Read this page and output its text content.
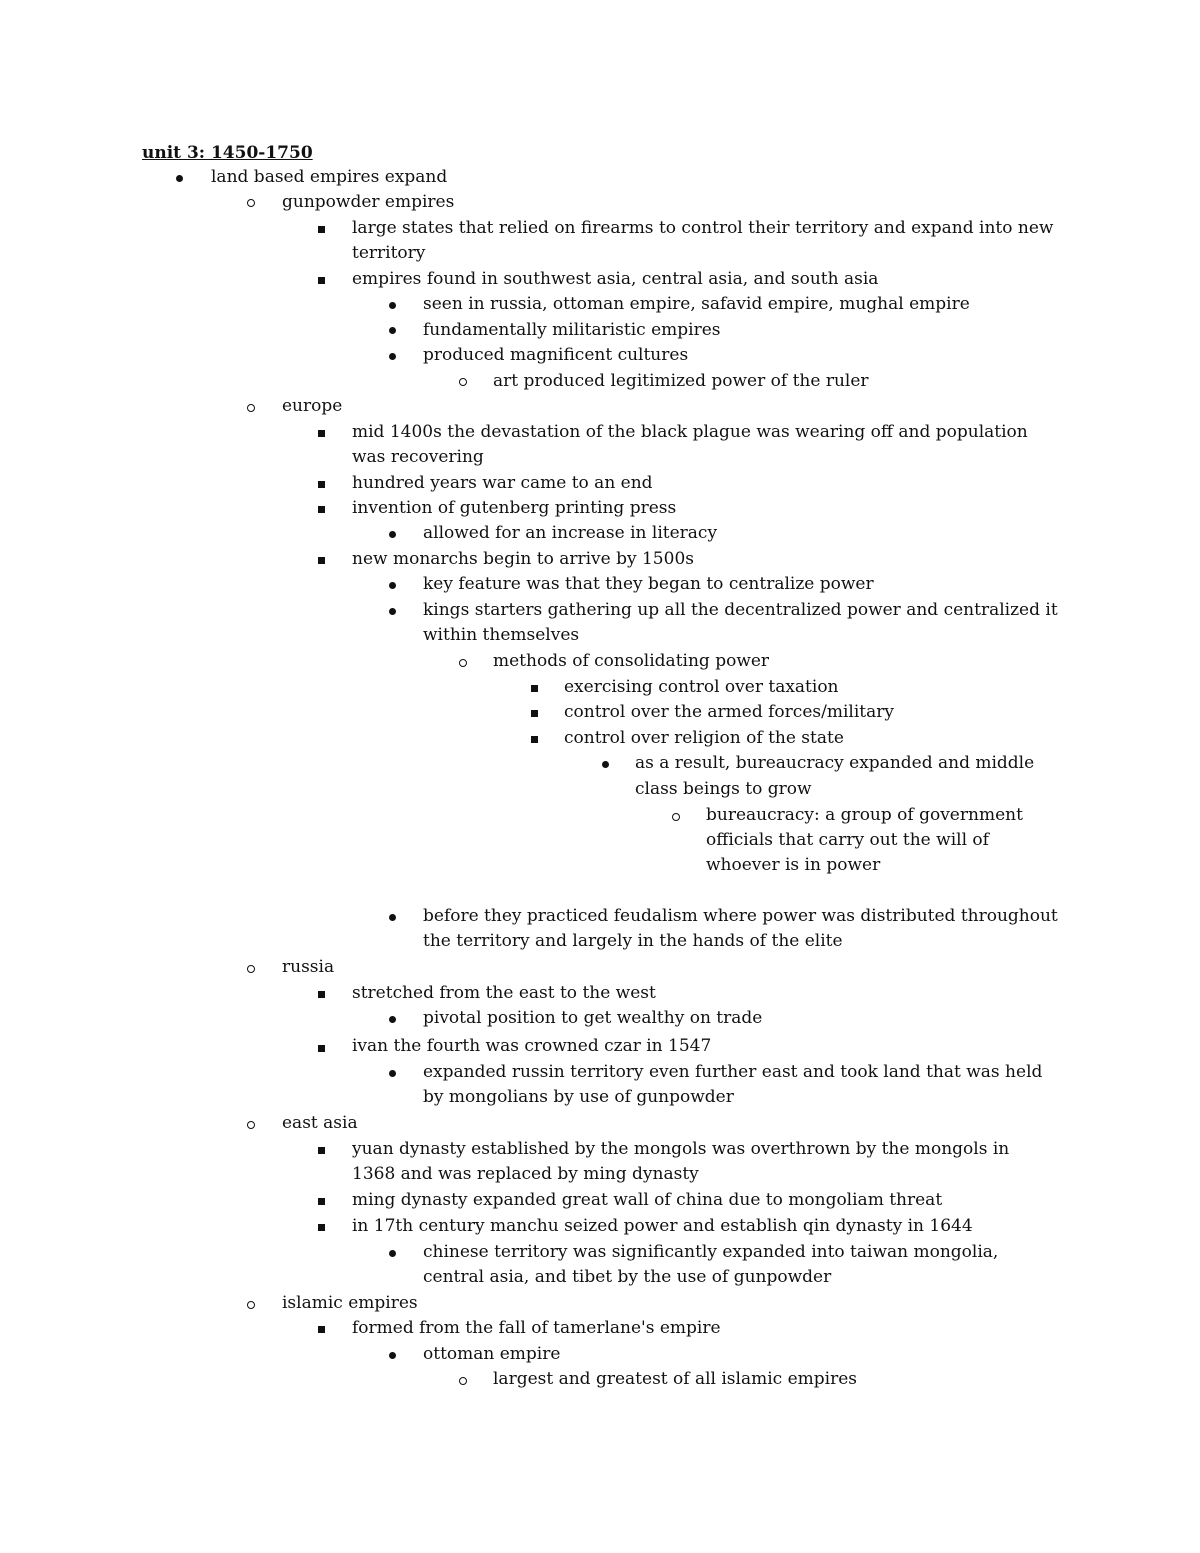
unit 3: 1450-1750
land based empires expand
gunpowder empires
large states that relied on firearms to control their territory and expand into new
territory
empires found in southwest asia, central asia, and south asia
seen in russia, ottoman empire, safavid empire, mughal empire
fundamentally militaristic empires
produced magnificent cultures
art produced legitimized power of the ruler
europe
mid 1400s the devastation of the black plague was wearing off and population
was recovering
hundred years war came to an end
invention of gutenberg printing press
allowed for an increase in literacy
new monarchs begin to arrive by 1500s
key feature was that they began to centralize power
kings starters gathering up all the decentralized power and centralized it
within themselves
methods of consolidating power
exercising control over taxation
control over the armed forces/military
control over religion of the state
as a result, bureaucracy expanded and middle
class beings to grow
bureaucracy: a group of government
officials that carry out the will of
whoever is in power
before they practiced feudalism where power was distributed throughout
the territory and largely in the hands of the elite
russia
stretched from the east to the west
pivotal position to get wealthy on trade
ivan the fourth was crowned czar in 1547
expanded russin territory even further east and took land that was held
by mongolians by use of gunpowder
east asia
yuan dynasty established by the mongols was overthrown by the mongols in
1368 and was replaced by ming dynasty
ming dynasty expanded great wall of china due to mongoliam threat
in 17th century manchu seized power and establish qin dynasty in 1644
chinese territory was significantly expanded into taiwan mongolia,
central asia, and tibet by the use of gunpowder
islamic empires
formed from the fall of tamerlane's empire
ottoman empire
largest and greatest of all islamic empires
